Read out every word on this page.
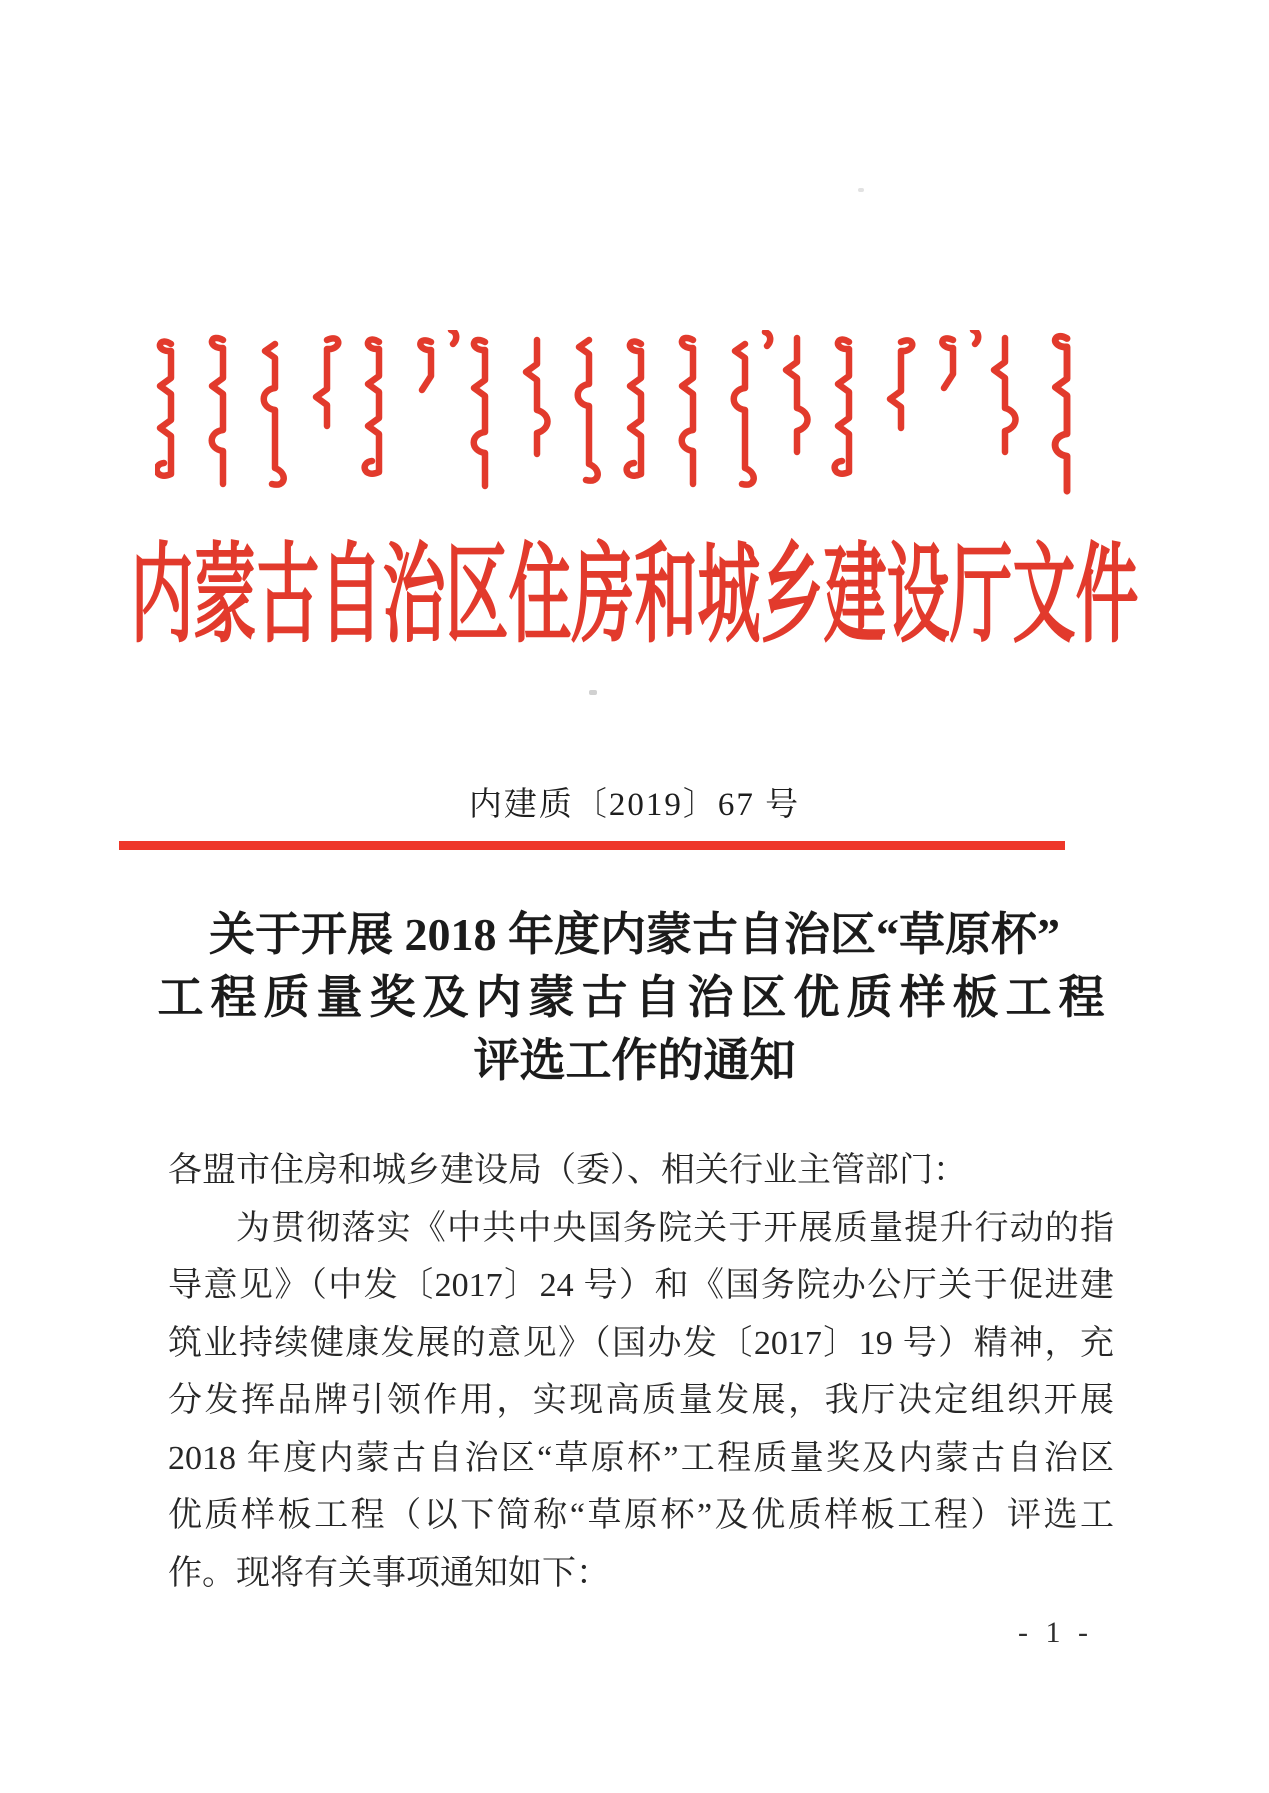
内蒙古自治区住房和城乡建设厅文件
内建质〔2019〕67 号
关于开展 2018 年度内蒙古自治区“草原杯”
工程质量奖及内蒙古自治区优质样板工程
评选工作的通知
各盟市住房和城乡建设局（委）、相关行业主管部门：
为贯彻落实《中共中央国务院关于开展质量提升行动的指
导意见》（中发〔2017〕24 号）和《国务院办公厅关于促进建
筑业持续健康发展的意见》（国办发〔2017〕19 号）精神，充
分发挥品牌引领作用，实现高质量发展，我厅决定组织开展
2018 年度内蒙古自治区“草原杯”工程质量奖及内蒙古自治区
优质样板工程（以下简称“草原杯”及优质样板工程）评选工
作。现将有关事项通知如下：
- 1 -
